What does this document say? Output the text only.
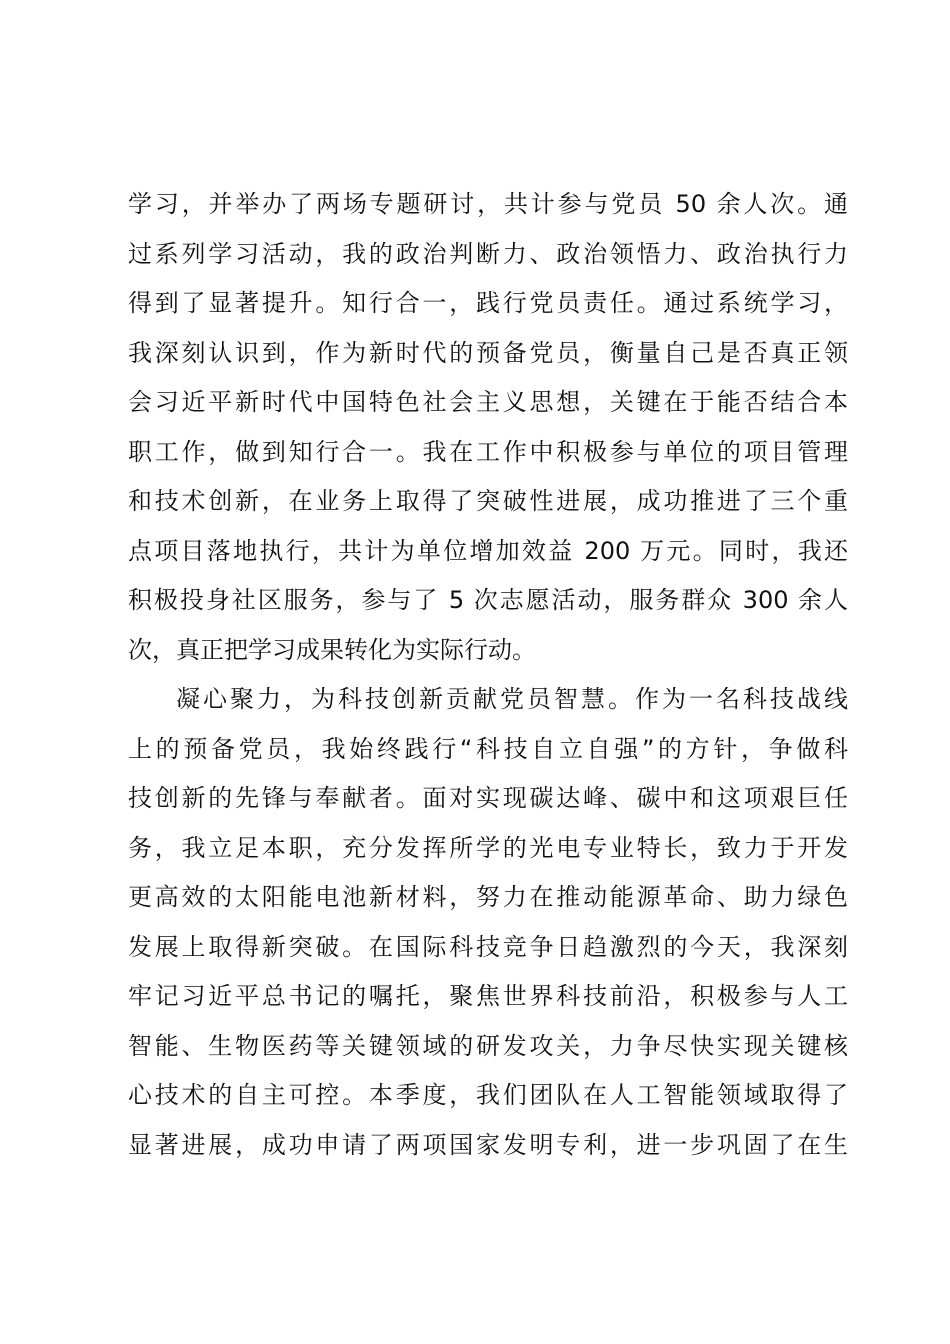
学习，并举办了两场专题研讨，共计参与党员 50 余人次。通
过系列学习活动，我的政治判断力、政治领悟力、政治执行力
得到了显著提升。知行合一，践行党员责任。通过系统学习，
我深刻认识到，作为新时代的预备党员，衡量自己是否真正领
会习近平新时代中国特色社会主义思想，关键在于能否结合本
职工作，做到知行合一。我在工作中积极参与单位的项目管理
和技术创新，在业务上取得了突破性进展，成功推进了三个重
点项目落地执行，共计为单位增加效益 200 万元。同时，我还
积极投身社区服务，参与了 5 次志愿活动，服务群众 300 余人
次，真正把学习成果转化为实际行动。
凝心聚力，为科技创新贡献党员智慧。作为一名科技战线
上的预备党员，我始终践行“科技自立自强”的方针，争做科
技创新的先锋与奉献者。面对实现碳达峰、碳中和这项艰巨任
务，我立足本职，充分发挥所学的光电专业特长，致力于开发
更高效的太阳能电池新材料，努力在推动能源革命、助力绿色
发展上取得新突破。在国际科技竞争日趋激烈的今天，我深刻
牢记习近平总书记的嘱托，聚焦世界科技前沿，积极参与人工
智能、生物医药等关键领域的研发攻关，力争尽快实现关键核
心技术的自主可控。本季度，我们团队在人工智能领域取得了
显著进展，成功申请了两项国家发明专利，进一步巩固了在生
